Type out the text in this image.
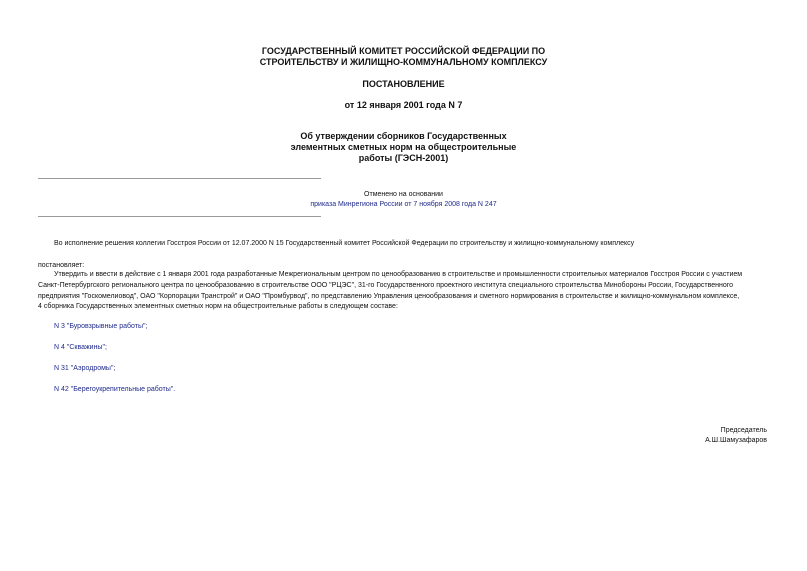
ГОСУДАРСТВЕННЫЙ КОМИТЕТ РОССИЙСКОЙ ФЕДЕРАЦИИ ПО
СТРОИТЕЛЬСТВУ И ЖИЛИЩНО-КОММУНАЛЬНОМУ КОМПЛЕКСУ
ПОСТАНОВЛЕНИЕ
от 12 января 2001 года N 7
Об утверждении сборников Государственных
элементных сметных норм на общестроительные
работы (ГЭСН-2001)
Отменено на основании
приказа Минрегиона России от 7 ноября 2008 года N 247
Во исполнение решения коллегии Госстроя России от 12.07.2000 N 15 Государственный комитет Российской Федерации по строительству и жилищно-коммунальному комплексу
постановляет:
Утвердить и ввести в действие с 1 января 2001 года разработанные Межрегиональным центром по ценообразованию в строительстве и промышленности строительных материалов Госстроя России с участием
Санкт-Петербургского регионального центра по ценообразованию в строительстве ООО "РЦЭС", 31-го Государственного проектного института специального строительства Минобороны России, Государственного
предприятия "Госкомелиовод", ОАО "Корпорации Транстрой" и ОАО "Промбурвод", по представлению Управления ценообразования и сметного нормирования в строительстве и жилищно-коммунальном комплексе,
4 сборника Государственных элементных сметных норм на общестроительные работы в следующем составе:
N 3 "Буровзрывные работы";
N 4 "Скважины";
N 31 "Аэродромы";
N 42 "Берегоукрепительные работы".
Председатель
А.Ш.Шамузафаров
